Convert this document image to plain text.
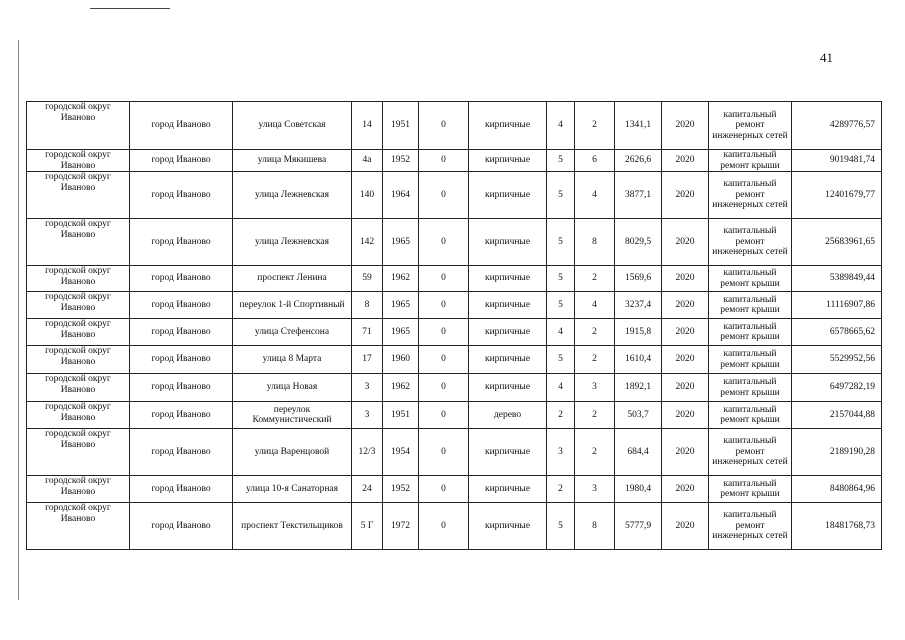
41
городской округ Иваново	город Иваново	улица Советская	14	1951	0	кирпичные	4	2	1341,1	2020	капитальный ремонт инженерных сетей	4289776,57
городской округ Иваново	город Иваново	улица Мякишева	4а	1952	0	кирпичные	5	6	2626,6	2020	капитальный ремонт крыши	9019481,74
городской округ Иваново	город Иваново	улица Лежневская	140	1964	0	кирпичные	5	4	3877,1	2020	капитальный ремонт инженерных сетей	12401679,77
городской округ Иваново	город Иваново	улица Лежневская	142	1965	0	кирпичные	5	8	8029,5	2020	капитальный ремонт инженерных сетей	25683961,65
городской округ Иваново	город Иваново	проспект Ленина	59	1962	0	кирпичные	5	2	1569,6	2020	капитальный ремонт крыши	5389849,44
городской округ Иваново	город Иваново	переулок 1-й Спортивный	8	1965	0	кирпичные	5	4	3237,4	2020	капитальный ремонт крыши	11116907,86
городской округ Иваново	город Иваново	улица Стефенсона	71	1965	0	кирпичные	4	2	1915,8	2020	капитальный ремонт крыши	6578665,62
городской округ Иваново	город Иваново	улица 8 Марта	17	1960	0	кирпичные	5	2	1610,4	2020	капитальный ремонт крыши	5529952,56
городской округ Иваново	город Иваново	улица Новая	3	1962	0	кирпичные	4	3	1892,1	2020	капитальный ремонт крыши	6497282,19
городской округ Иваново	город Иваново	переулок Коммунистический	3	1951	0	дерево	2	2	503,7	2020	капитальный ремонт крыши	2157044,88
городской округ Иваново	город Иваново	улица Варенцовой	12/3	1954	0	кирпичные	3	2	684,4	2020	капитальный ремонт инженерных сетей	2189190,28
городской округ Иваново	город Иваново	улица 10-я Санаторная	24	1952	0	кирпичные	2	3	1980,4	2020	капитальный ремонт крыши	8480864,96
городской округ Иваново	город Иваново	проспект Текстильщиков	5 Г	1972	0	кирпичные	5	8	5777,9	2020	капитальный ремонт инженерных сетей	18481768,73
